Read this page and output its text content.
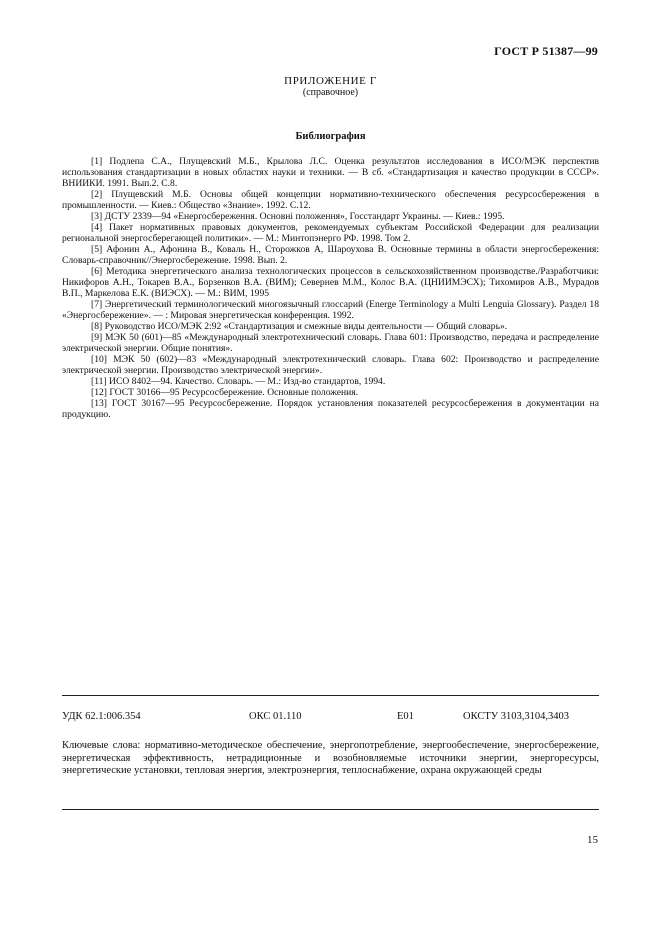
ГОСТ Р 51387—99
ПРИЛОЖЕНИЕ Г
(справочное)
Библиография
[1] Подлепа С.А., Плущевский М.Б., Крылова Л.С. Оценка результатов исследования в ИСО/МЭК перспектив использования стандартизации в новых областях науки и техники. — В сб. «Стандартизация и качество продукции в СССР». ВНИИКИ. 1991. Вып.2. С.8.
[2] Плущевский М.Б. Основы общей концепции нормативно-технического обеспечения ресурсосбережения в промышленности. — Киев.: Общество «Знание». 1992. С.12.
[3] ДСТУ 2339—94 «Енергосбереження. Основнi положення», Госстандарт Украины. — Киев.: 1995.
[4] Пакет нормативных правовых документов, рекомендуемых субъектам Российской Федерации для реализации региональной энергосберегающей политики». — М.: Минтопэнерго РФ. 1998. Том 2.
[5] Афонин А., Афонина В., Коваль Н., Сторожков А, Шароухова В. Основные термины в области энергосбережения: Словарь-справочник//Энергосбережение. 1998. Вып. 2.
[6] Методика энергетического анализа технологических процессов в сельскохозяйственном производстве./Разработчики: Никифоров А.Н., Токарев В.А., Борзенков В.А. (ВИМ); Севернев М.М., Колос В.А. (ЦНИИМЭСХ); Тихомиров А.В., Мурадов В.П., Маркелова Е.К. (ВИЭСХ). — М.: ВИМ, 1995
[7] Энергетический терминологический многоязычный глоссарий (Energe Terminology a Multi Lenguia Glossary). Раздел 18 «Энергосбережение». — : Мировая энергетическая конференция. 1992.
[8] Руководство ИСО/МЭК 2:92 «Стандартизация и смежные виды деятельности — Общий словарь».
[9] МЭК 50 (601)—85 «Международный электротехнический словарь. Глава 601: Производство, передача и распределение электрической энергии. Общие понятия».
[10] МЭК 50 (602)—83 «Международный электротехнический словарь. Глава 602: Производство и распределение электрической энергии. Производство электрической энергии».
[11] ИСО 8402—94. Качество. Словарь. — М.: Изд-во стандартов, 1994.
[12] ГОСТ 30166—95 Ресурсосбережение. Основные положения.
[13] ГОСТ 30167—95 Ресурсосбережение. Порядок установления показателей ресурсосбережения в документации на продукцию.
УДК 62.1:006.354	ОКС 01.110	Е01	ОКСТУ 3103,3104,3403
Ключевые слова: нормативно-методическое обеспечение, энергопотребление, энергообеспечение, энергосбережение, энергетическая эффективность, нетрадиционные и возобновляемые источники энергии, энергоресурсы, энергетические установки, тепловая энергия, электроэнергия, теплоснабжение, охрана окружающей среды
15
